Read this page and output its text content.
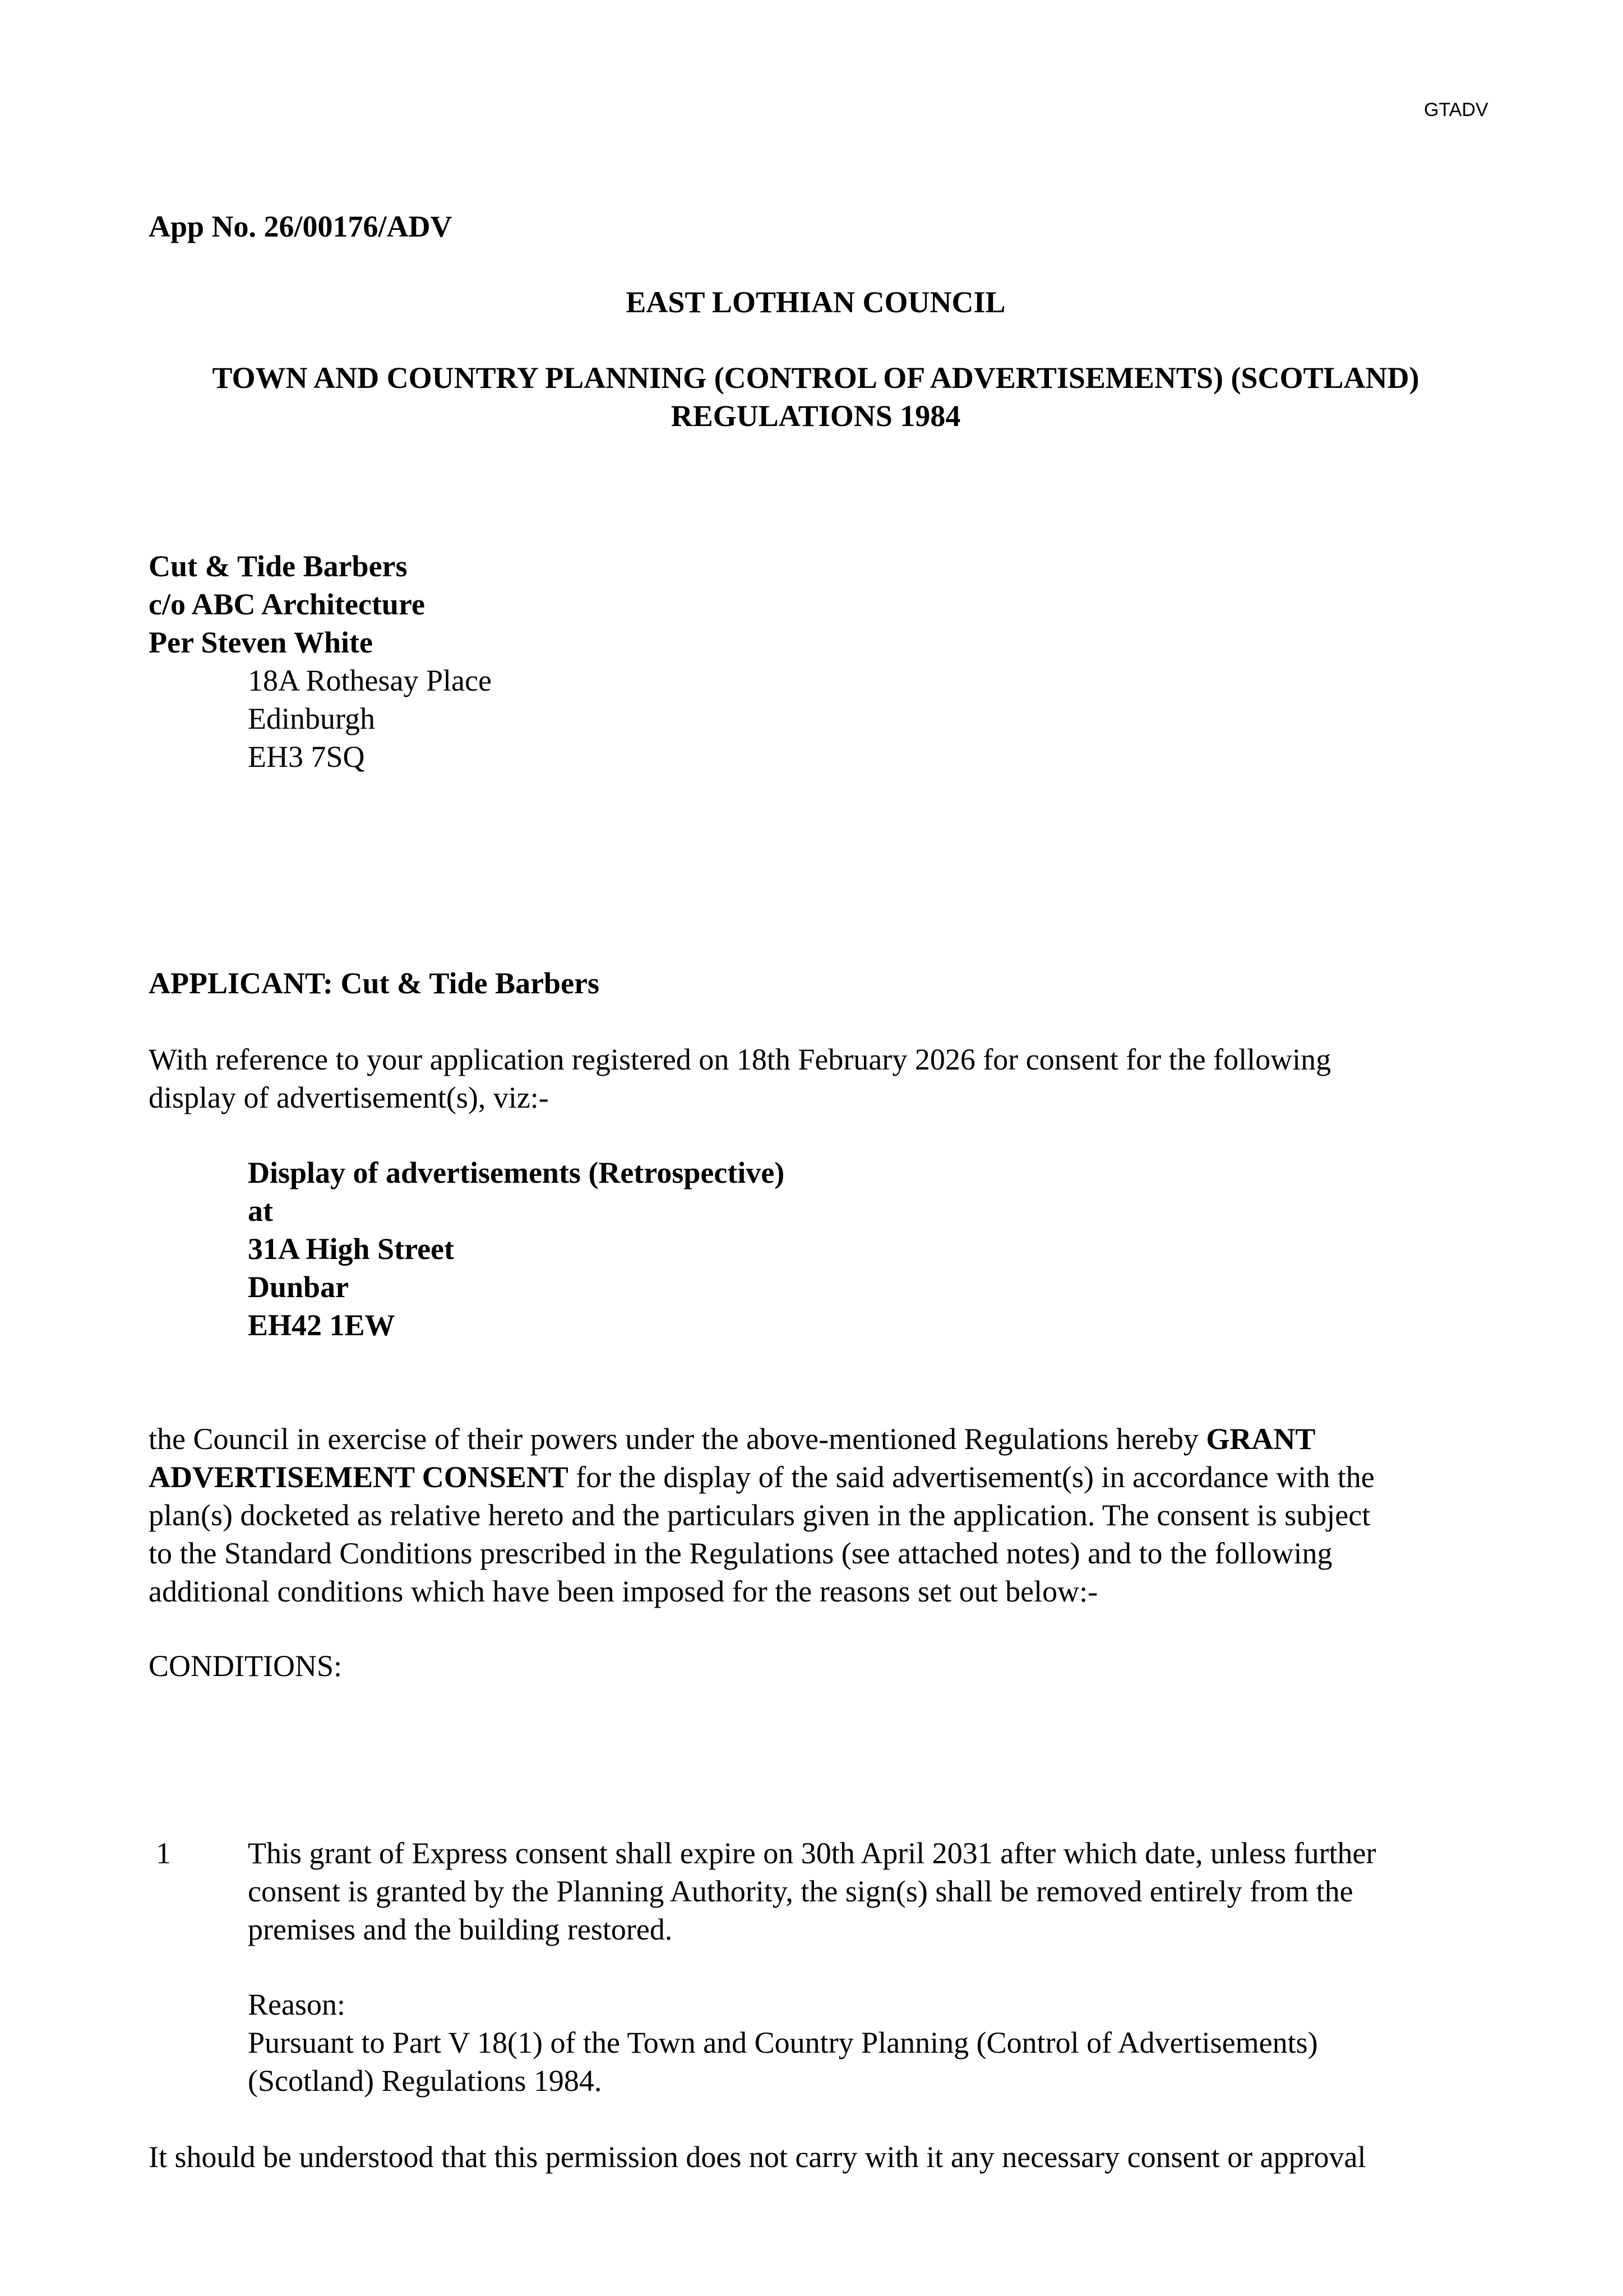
GTADV
App No. 26/00176/ADV
EAST LOTHIAN COUNCIL
TOWN AND COUNTRY PLANNING (CONTROL OF ADVERTISEMENTS) (SCOTLAND)
REGULATIONS 1984
Cut & Tide Barbers
c/o ABC Architecture
Per Steven White
18A Rothesay Place
Edinburgh
EH3 7SQ
APPLICANT: Cut & Tide Barbers
With reference to your application registered on 18th February 2026 for consent for the following
display of advertisement(s), viz:-
Display of advertisements (Retrospective)
at
31A High Street
Dunbar
EH42 1EW
the Council in exercise of their powers under the above-mentioned Regulations hereby GRANT
ADVERTISEMENT CONSENT for the display of the said advertisement(s) in accordance with the
plan(s) docketed as relative hereto and the particulars given in the application. The consent is subject
to the Standard Conditions prescribed in the Regulations (see attached notes) and to the following
additional conditions which have been imposed for the reasons set out below:-
CONDITIONS:
1	This grant of Express consent shall expire on 30th April 2031 after which date, unless further
consent is granted by the Planning Authority, the sign(s) shall be removed entirely from the
premises and the building restored.
Reason:
Pursuant to Part V 18(1) of the Town and Country Planning (Control of Advertisements)
(Scotland) Regulations 1984.
It should be understood that this permission does not carry with it any necessary consent or approval
